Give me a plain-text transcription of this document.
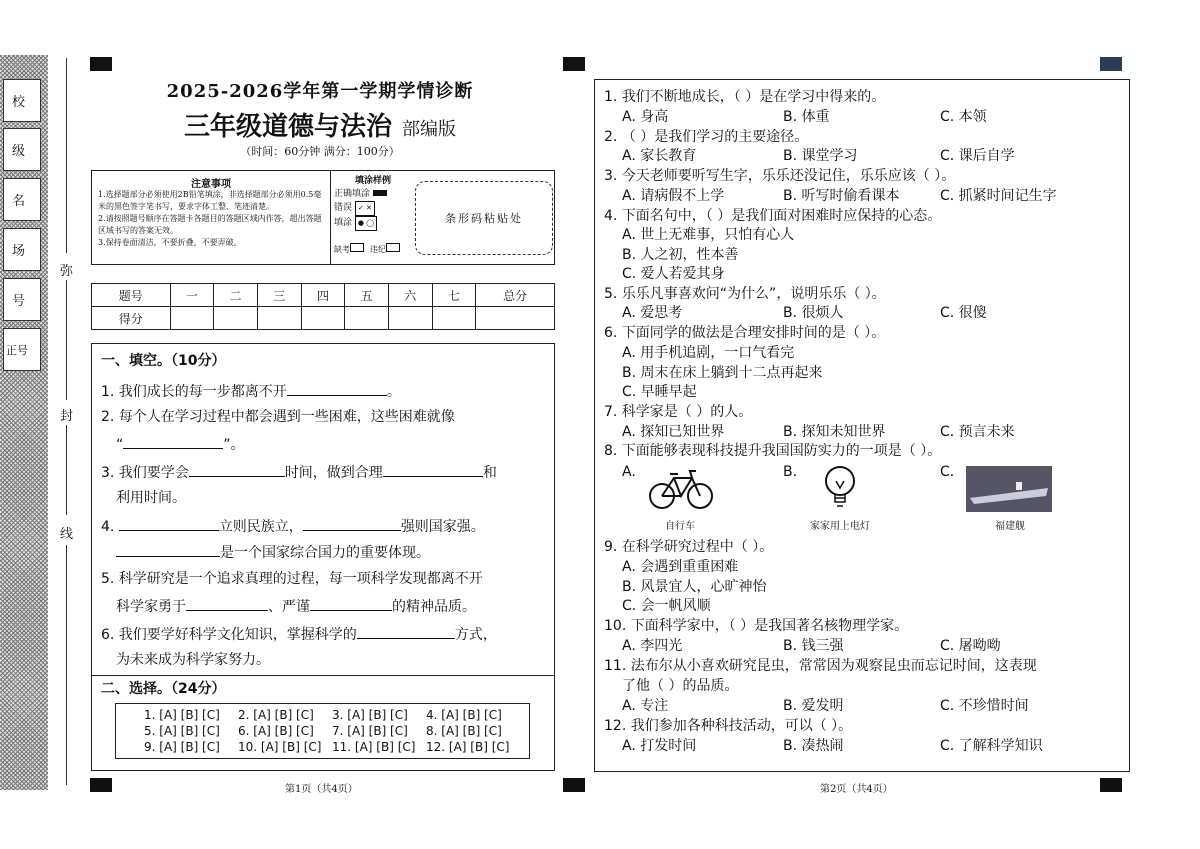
校
级
名
场
号
正号
弥
封
线
2025-2026学年第一学期学情诊断
三年级道德与法治 部编版
（时间：60分钟 满分：100分）
注意事项
1.选择题部分必须使用2B铅笔填涂，非选择题部分必须用0.5毫米的黑色签字笔书写，要求字体工整、笔迹清楚。
2.请按照题号顺序在答题卡各题目的答题区域内作答，超出答题区域书写的答案无效。
3.保持卷面清洁，不要折叠，不要弄破。
填涂样例
正确填涂
错误 ✓ ✕
填涂 ● ◯
缺考	违纪
条形码粘贴处
题号	一	二	三	四	五	六	七	总分
得分								
一、填空。（10分）
1. 我们成长的每一步都离不开	。
2. 每个人在学习过程中都会遇到一些困难，这些困难就像
“	”。
3. 我们要学会	时间，做到合理	和
利用时间。
4.	立则民族立，	强则国家强。
是一个国家综合国力的重要体现。
5. 科学研究是一个追求真理的过程，每一项科学发现都离不开
科学家勇于	、严谨	的精神品质。
6. 我们要学好科学文化知识，掌握科学的	方式，
为未来成为科学家努力。
二、选择。（24分）
1. [A] [B] [C] 2. [A] [B] [C] 3. [A] [B] [C] 4. [A] [B] [C]
5. [A] [B] [C] 6. [A] [B] [C] 7. [A] [B] [C] 8. [A] [B] [C]
9. [A] [B] [C] 10. [A] [B] [C] 11. [A] [B] [C] 12. [A] [B] [C]
1. 我们不断地成长，（ ）是在学习中得来的。
A. 身高	B. 体重	C. 本领
2. （ ）是我们学习的主要途径。
A. 家长教育	B. 课堂学习	C. 课后自学
3. 今天老师要听写生字，乐乐还没记住，乐乐应该（ ）。
A. 请病假不上学	B. 听写时偷看课本	C. 抓紧时间记生字
4. 下面名句中，（ ）是我们面对困难时应保持的心态。
A. 世上无难事，只怕有心人
B. 人之初，性本善
C. 爱人若爱其身
5. 乐乐凡事喜欢问“为什么”，说明乐乐（ ）。
A. 爱思考	B. 很烦人	C. 很傻
6. 下面同学的做法是合理安排时间的是（ ）。
A. 用手机追剧，一口气看完
B. 周末在床上躺到十二点再起来
C. 早睡早起
7. 科学家是（ ）的人。
A. 探知已知世界	B. 探知未知世界	C. 预言未来
8. 下面能够表现科技提升我国国防实力的一项是（ ）。
A.	B.	C.
自行车	家家用上电灯	福建舰
9. 在科学研究过程中（ ）。
A. 会遇到重重困难
B. 风景宜人，心旷神怡
C. 会一帆风顺
10. 下面科学家中，（ ）是我国著名核物理学家。
A. 李四光	B. 钱三强	C. 屠呦呦
11. 法布尔从小喜欢研究昆虫，常常因为观察昆虫而忘记时间，这表现
了他（ ）的品质。
A. 专注	B. 爱发明	C. 不珍惜时间
12. 我们参加各种科技活动，可以（ ）。
A. 打发时间	B. 凑热闹	C. 了解科学知识
第1页（共4页）	第2页（共4页）
